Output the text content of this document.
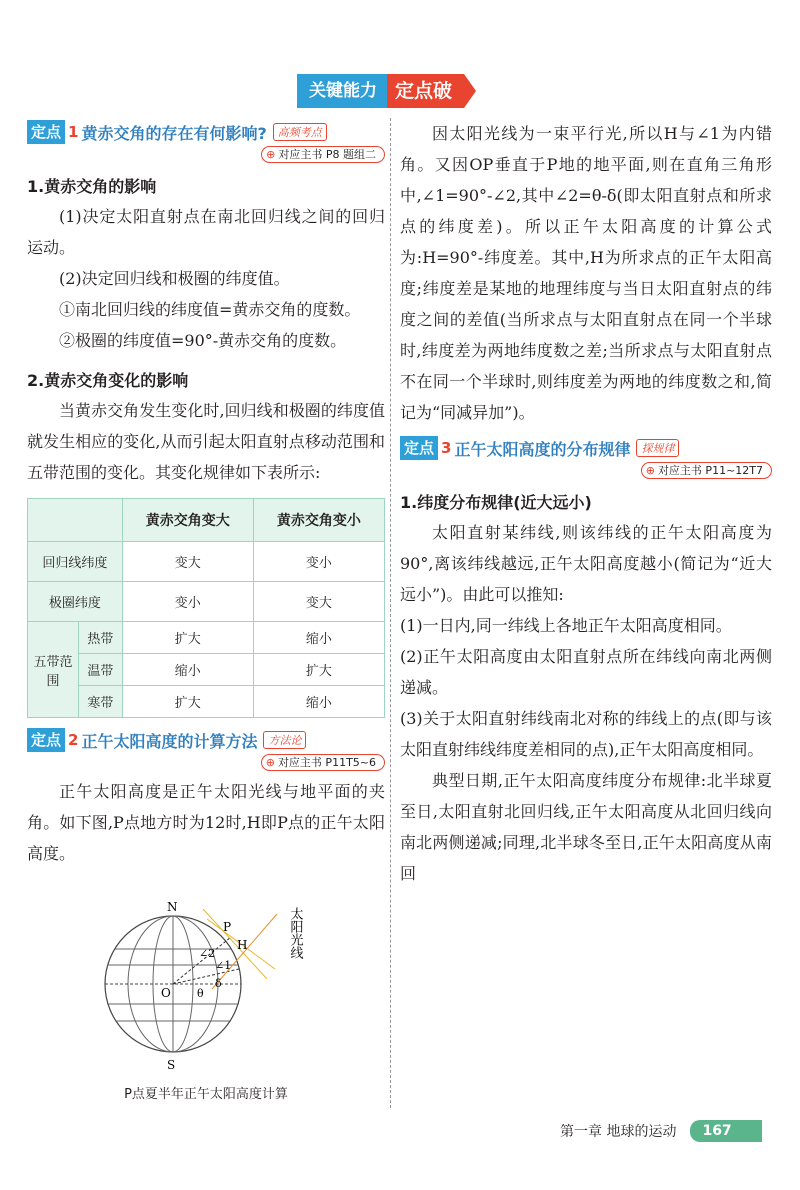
关键能力 定点破
定点 1 黄赤交角的存在有何影响?	高频考点
⊕ 对应主书 P8 题组二
1.黄赤交角的影响

(1)决定太阳直射点在南北回归线之间的回归运动。

(2)决定回归线和极圈的纬度值。

①南北回归线的纬度值=黄赤交角的度数。

②极圈的纬度值=90°-黄赤交角的度数。

2.黄赤交角变化的影响

当黄赤交角发生变化时,回归线和极圈的纬度值就发生相应的变化,从而引起太阳直射点移动范围和五带范围的变化。其变化规律如下表所示:

		黄赤交角变大	黄赤交角变小
回归线纬度		变大	变小
极圈纬度		变小	变大
五带范围	热带	扩大	缩小
	温带	缩小	扩大
	寒带	扩大	缩小
定点 2 正午太阳高度的计算方法	方法论
⊕ 对应主书 P11T5~6

正午太阳高度是正午太阳光线与地平面的夹角。如下图,P点地方时为12时,H即P点的正午太阳高度。

N
S
O
P
H
∠2
∠1
δ
θ
太阳光线
P点夏半年正午太阳高度计算

因太阳光线为一束平行光,所以H与∠1为内错角。又因OP垂直于P地的地平面,则在直角三角形中,∠1=90°-∠2,其中∠2=θ-δ(即太阳直射点和所求点的纬度差)。所以正午太阳高度的计算公式为:H=90°-纬度差。其中,H为所求点的正午太阳高度;纬度差是某地的地理纬度与当日太阳直射点的纬度之间的差值(当所求点与太阳直射点在同一个半球时,纬度差为两地纬度数之差;当所求点与太阳直射点不在同一个半球时,则纬度差为两地的纬度数之和,简记为“同减异加”)。

定点 3 正午太阳高度的分布规律	探规律
⊕ 对应主书 P11~12T7
1.纬度分布规律(近大远小)

太阳直射某纬线,则该纬线的正午太阳高度为90°,离该纬线越远,正午太阳高度越小(简记为“近大远小”)。由此可以推知:

(1)一日内,同一纬线上各地正午太阳高度相同。

(2)正午太阳高度由太阳直射点所在纬线向南北两侧递减。

(3)关于太阳直射纬线南北对称的纬线上的点(即与该太阳直射纬线纬度差相同的点),正午太阳高度相同。

典型日期,正午太阳高度纬度分布规律:北半球夏至日,太阳直射北回归线,正午太阳高度从北回归线向南北两侧递减;同理,北半球冬至日,正午太阳高度从南回

第一章 地球的运动	167
